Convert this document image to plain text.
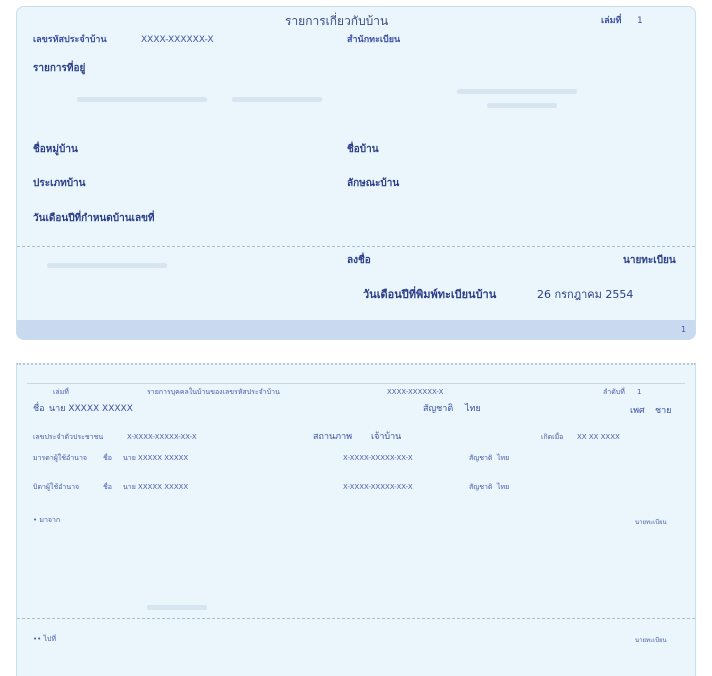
รายการเกี่ยวกับบ้าน	เล่มที่ 1
เลขรหัสประจำบ้าน	XXXX-XXXXXX-X	สำนักทะเบียน
รายการที่อยู่
ชื่อหมู่บ้าน	ชื่อบ้าน
ประเภทบ้าน	ลักษณะบ้าน
วันเดือนปีที่กำหนดบ้านเลขที่
ลงชื่อ	นายทะเบียน
วันเดือนปีที่พิมพ์ทะเบียนบ้าน	26 กรกฎาคม 2554
1
เล่มที่	รายการบุคคลในบ้านของเลขรหัสประจำบ้าน	XXXX-XXXXXX-X	ลำดับที่ 1
ชื่อ นาย XXXXX XXXXX	สัญชาติ ไทย	เพศ ชาย
เลขประจำตัวประชาชน	X-XXXX-XXXXX-XX-X	สถานภาพ เจ้าบ้าน	เกิดเมื่อ XX XX XXXX
มารดาผู้ใช้อำนาจ ชื่อ นาย XXXXX XXXXX	X-XXXX-XXXXX-XX-X	สัญชาติ ไทย
บิดาผู้ใช้อำนาจ	ชื่อ นาย XXXXX XXXXX	X-XXXX-XXXXX-XX-X	สัญชาติ ไทย
• มาจาก	นายทะเบียน
•• ไปที่	นายทะเบียน
